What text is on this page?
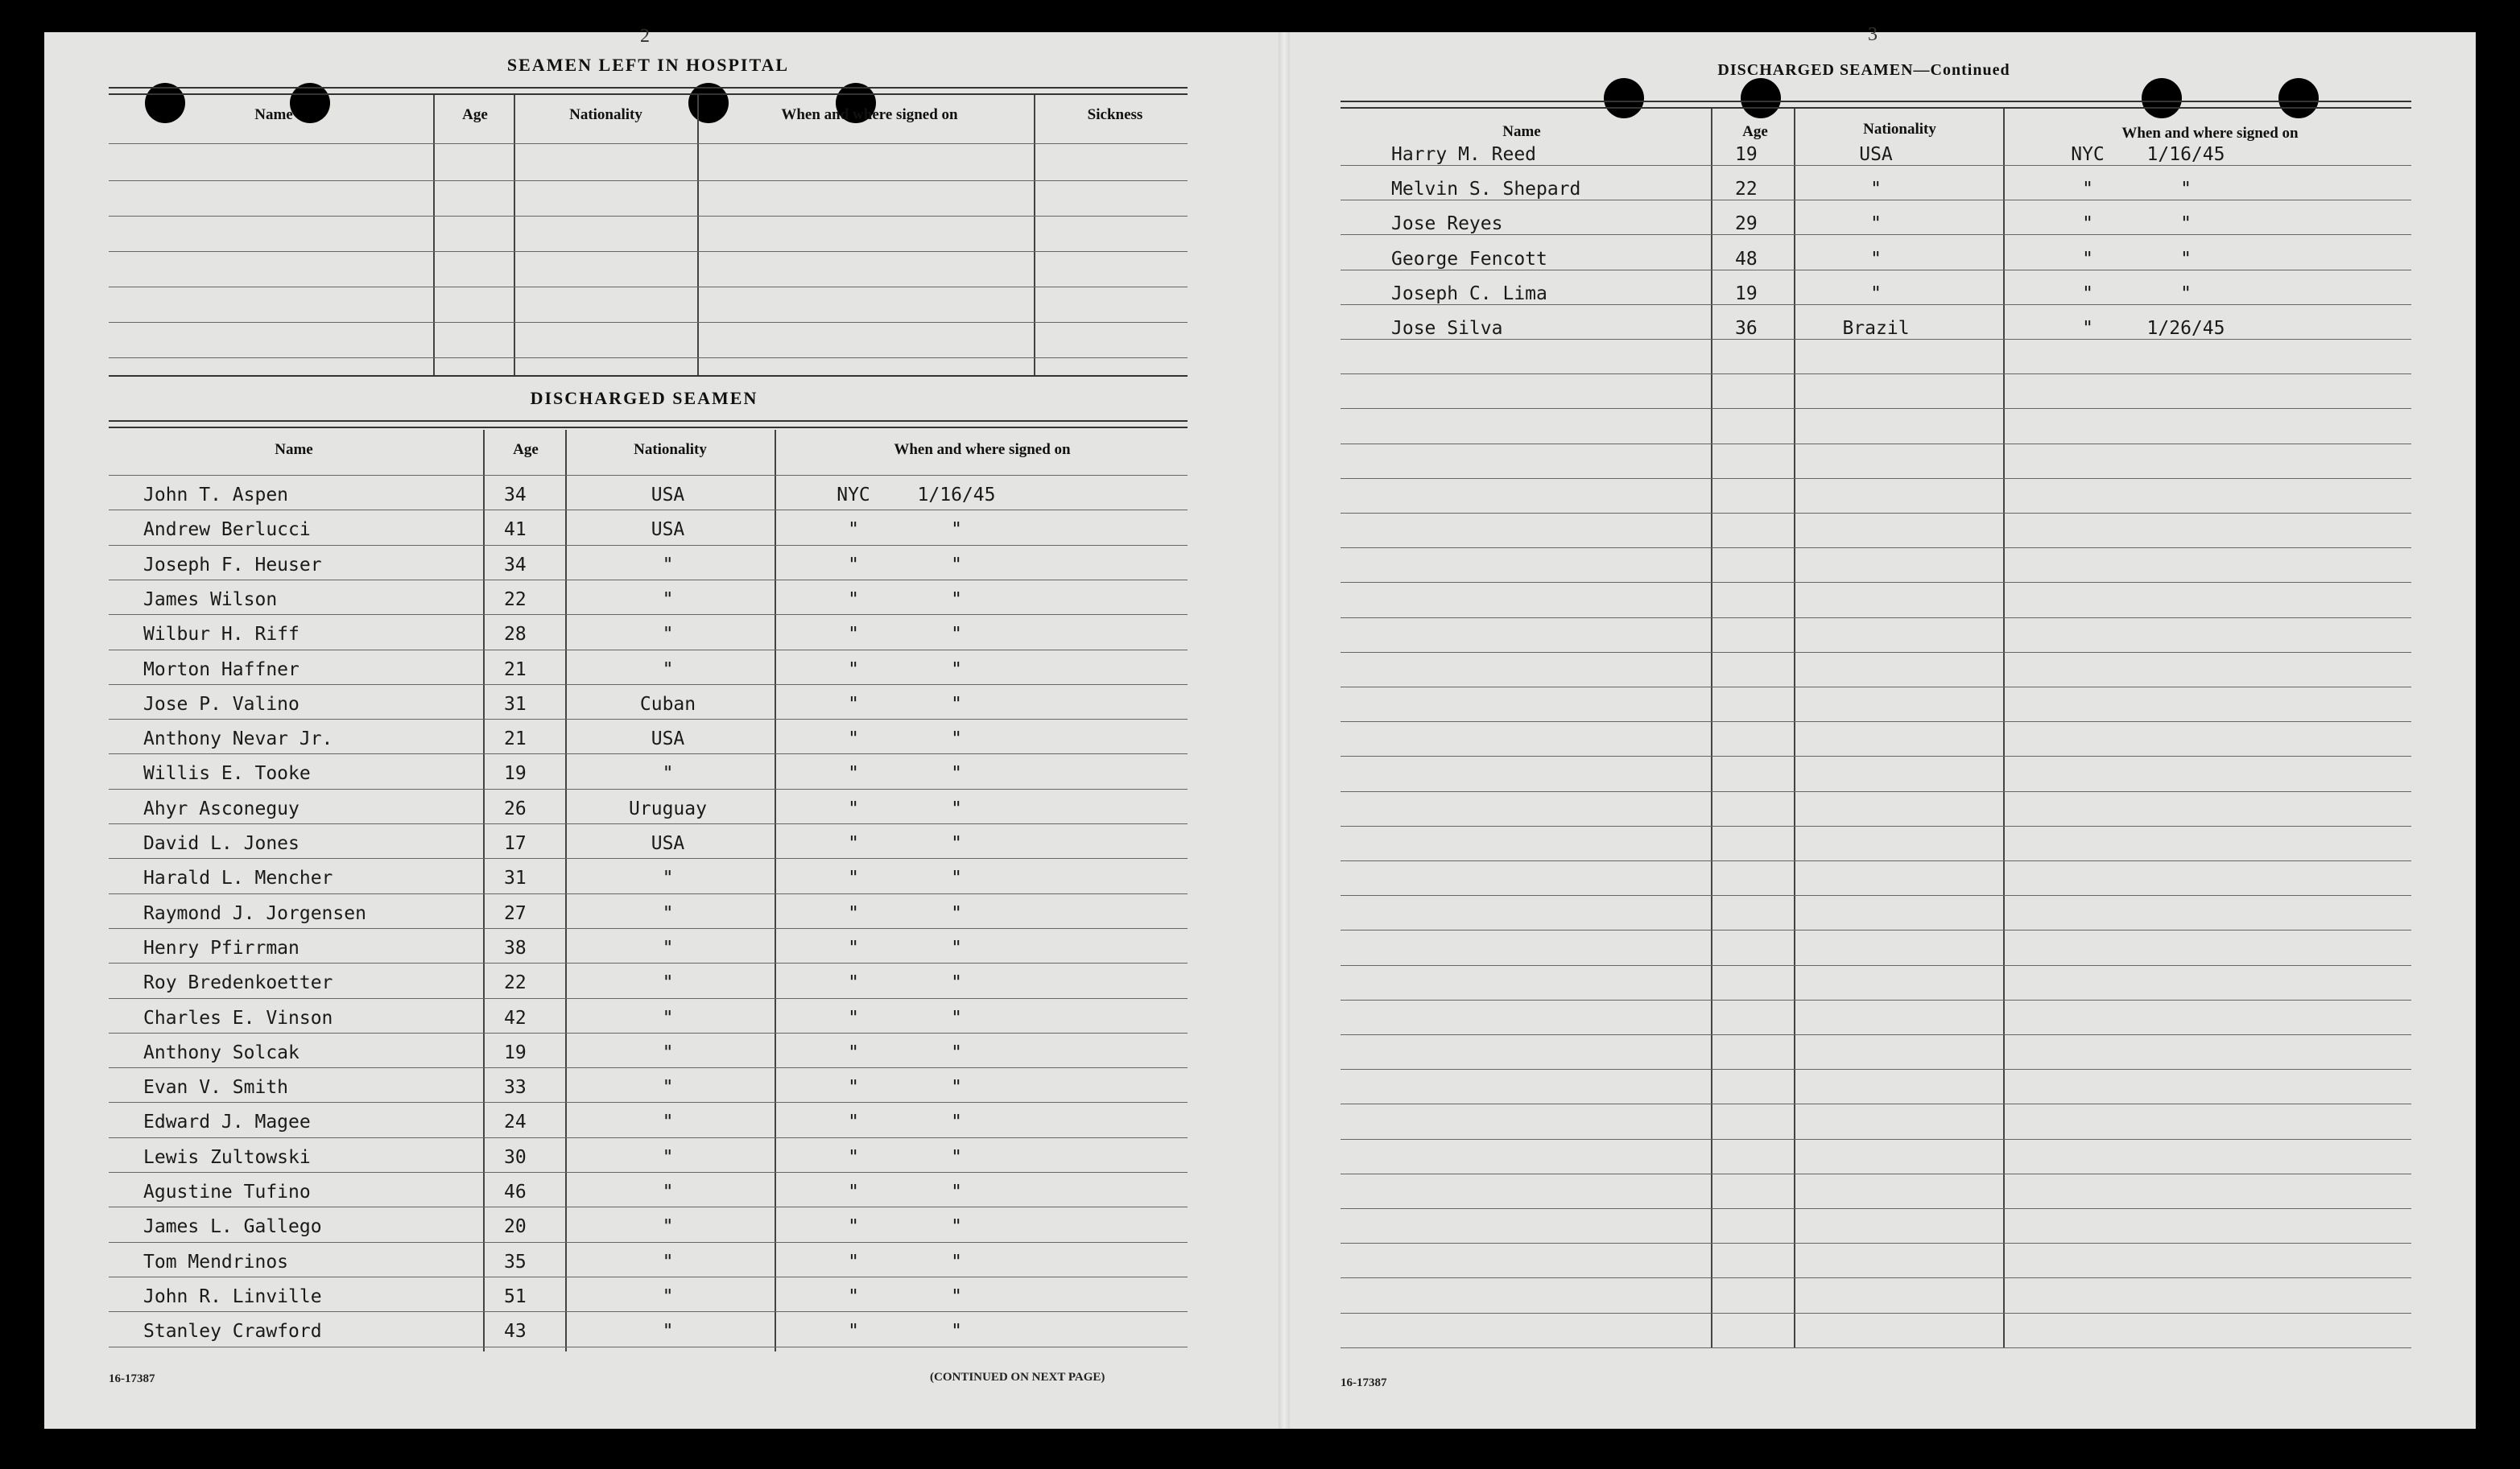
2
SEAMEN LEFT IN HOSPITAL
Name	Age	Nationality	When and where signed on	Sickness
DISCHARGED SEAMEN
Name	Age	Nationality	When and where signed on
John T. Aspen	34	USA	NYC	1/16/45
Andrew Berlucci	41	USA	"	"
Joseph F. Heuser	34	"	"	"
James Wilson	22	"	"	"
Wilbur H. Riff	28	"	"	"
Morton Haffner	21	"	"	"
Jose P. Valino	31	Cuban	"	"
Anthony Nevar Jr.	21	USA	"	"
Willis E. Tooke	19	"	"	"
Ahyr Asconeguy	26	Uruguay	"	"
David L. Jones	17	USA	"	"
Harald L. Mencher	31	"	"	"
Raymond J. Jorgensen	27	"	"	"
Henry Pfirrman	38	"	"	"
Roy Bredenkoetter	22	"	"	"
Charles E. Vinson	42	"	"	"
Anthony Solcak	19	"	"	"
Evan V. Smith	33	"	"	"
Edward J. Magee	24	"	"	"
Lewis Zultowski	30	"	"	"
Agustine Tufino	46	"	"	"
James L. Gallego	20	"	"	"
Tom Mendrinos	35	"	"	"
John R. Linville	51	"	"	"
Stanley Crawford	43	"	"	"
16-17387	(CONTINUED ON NEXT PAGE)
3
DISCHARGED SEAMEN—Continued
Name	Age	Nationality	When and where signed on
Harry M. Reed	19	USA	NYC	1/16/45
Melvin S. Shepard	22	"	"	"
Jose Reyes	29	"	"	"
George Fencott	48	"	"	"
Joseph C. Lima	19	"	"	"
Jose Silva	36	Brazil	"	1/26/45
16-17387
